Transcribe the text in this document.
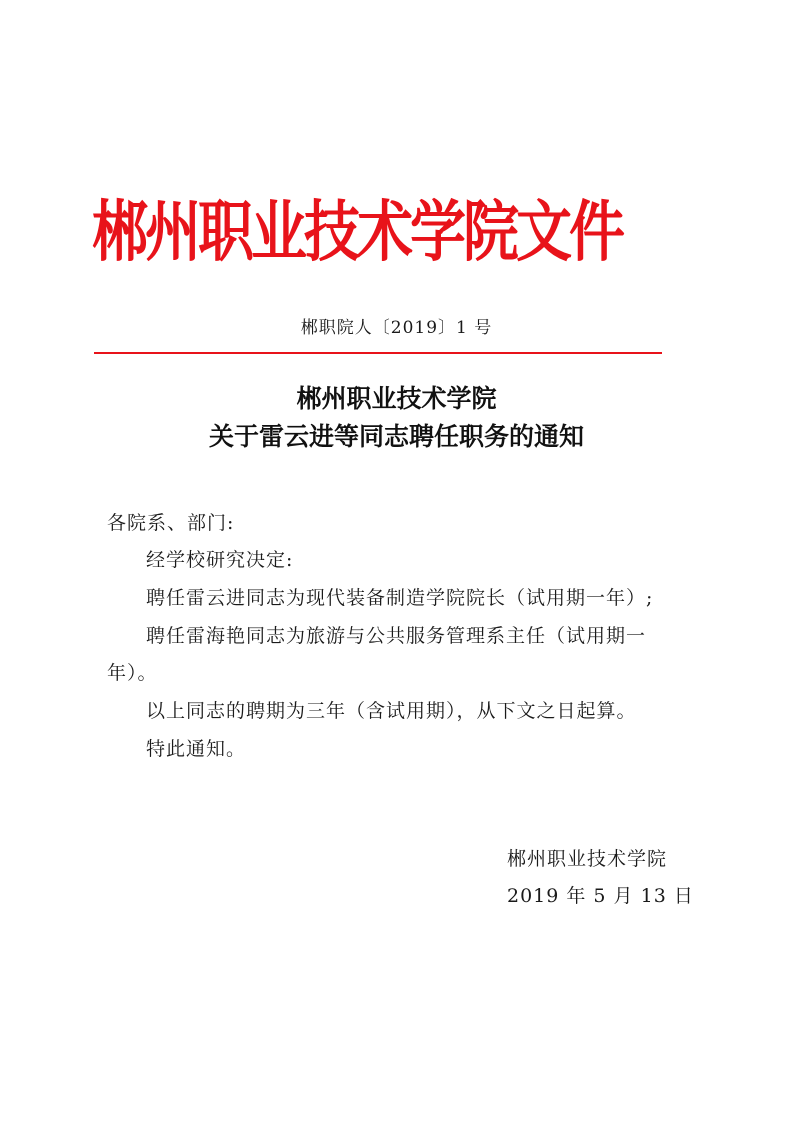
郴州职业技术学院文件
郴职院人〔2019〕1 号
郴州职业技术学院
关于雷云进等同志聘任职务的通知
各院系、部门:
经学校研究决定:
聘任雷云进同志为现代装备制造学院院长（试用期一年）;
聘任雷海艳同志为旅游与公共服务管理系主任（试用期一
年）。
以上同志的聘期为三年（含试用期），从下文之日起算。
特此通知。
郴州职业技术学院
2019 年 5 月 13 日
